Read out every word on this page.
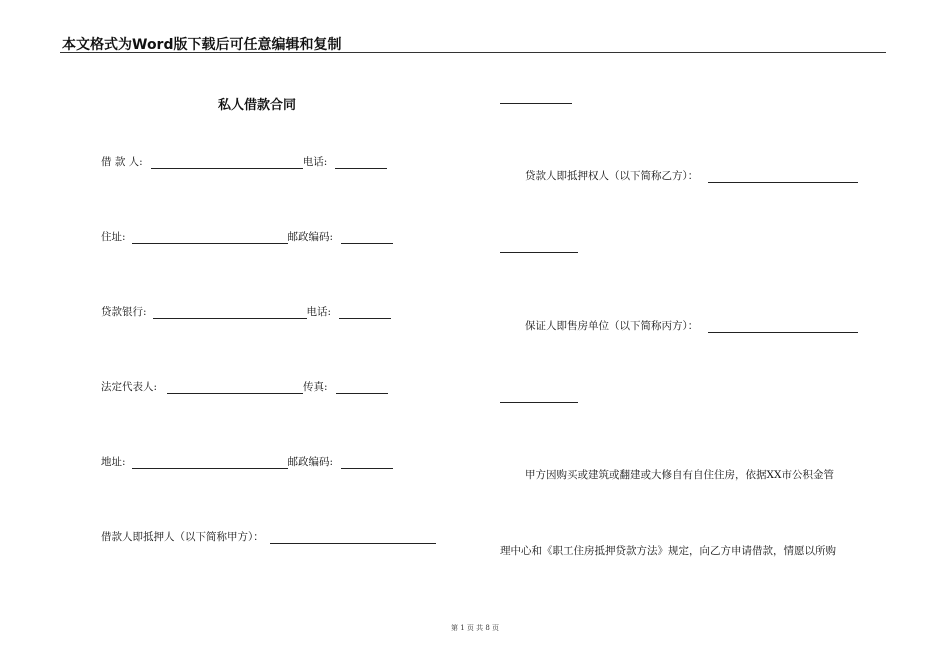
本文格式为Word版下载后可任意编辑和复制
私人借款合同
借 款 人:	电话:
住址:	邮政编码:
贷款银行:	电话:
法定代表人:	传真:
地址:	邮政编码:
借款人即抵押人（以下简称甲方）：
贷款人即抵押权人（以下简称乙方）：
保证人即售房单位（以下简称丙方）：
甲方因购买或建筑或翻建或大修自有自住住房，依据XX市公积金管
理中心和《职工住房抵押贷款方法》规定，向乙方申请借款，情愿以所购
第 1 页 共 8 页
